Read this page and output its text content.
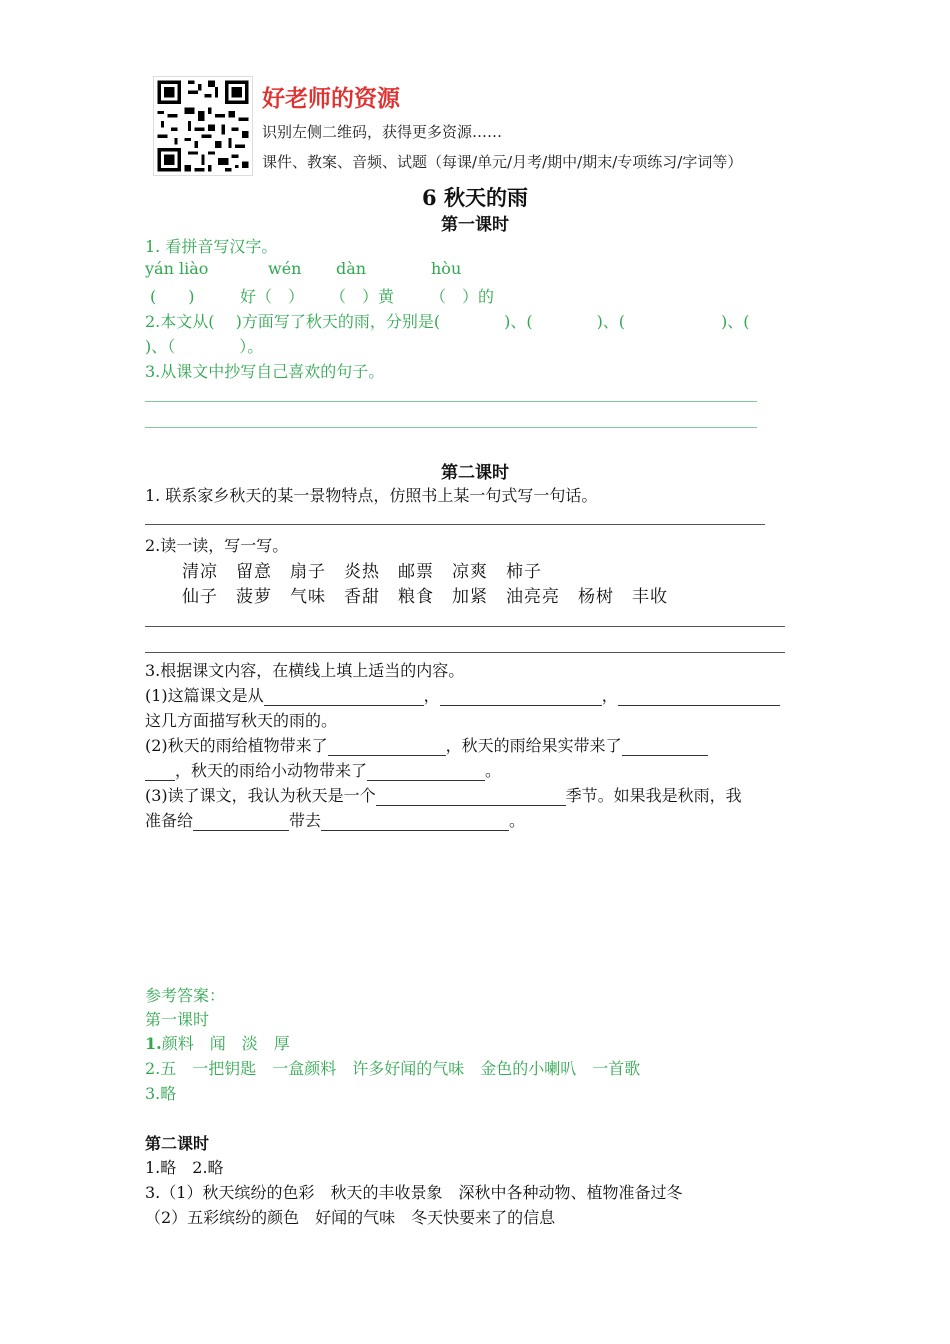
好老师的资源
识别左侧二维码，获得更多资源……
课件、教案、音频、试题（每课/单元/月考/期中/期末/专项练习/字词等）
6 秋天的雨
第一课时
1. 看拼音写汉字。
yán liào	wén dàn	hòu
(　　)	好（　） （　）黄 （　）的
2.本文从(　 )方面写了秋天的雨，分别是(　　　　)、(　　　　)、(　　　　　　)、(
)、（　　　　）。
3.从课文中抄写自己喜欢的句子。
第二课时
1. 联系家乡秋天的某一景物特点，仿照书上某一句式写一句话。
2.读一读，写一写。
清凉　留意　扇子　炎热　邮票　凉爽　柿子
仙子　菠萝　气味　香甜　粮食　加紧　油亮亮　杨树　丰收
3.根据课文内容，在横线上填上适当的内容。
(1)这篇课文是从	，	，
这几方面描写秋天的雨的。
(2)秋天的雨给植物带来了	，秋天的雨给果实带来了
，秋天的雨给小动物带来了	。
(3)读了课文，我认为秋天是一个	季节。如果我是秋雨，我
准备给	带去	。
参考答案：
第一课时
1.颜料　闻　淡　厚
2.五　一把钥匙　一盒颜料　许多好闻的气味　金色的小喇叭　一首歌
3.略
第二课时
1.略　2.略
3.（1）秋天缤纷的色彩　秋天的丰收景象　深秋中各种动物、植物准备过冬
（2）五彩缤纷的颜色　好闻的气味　冬天快要来了的信息
